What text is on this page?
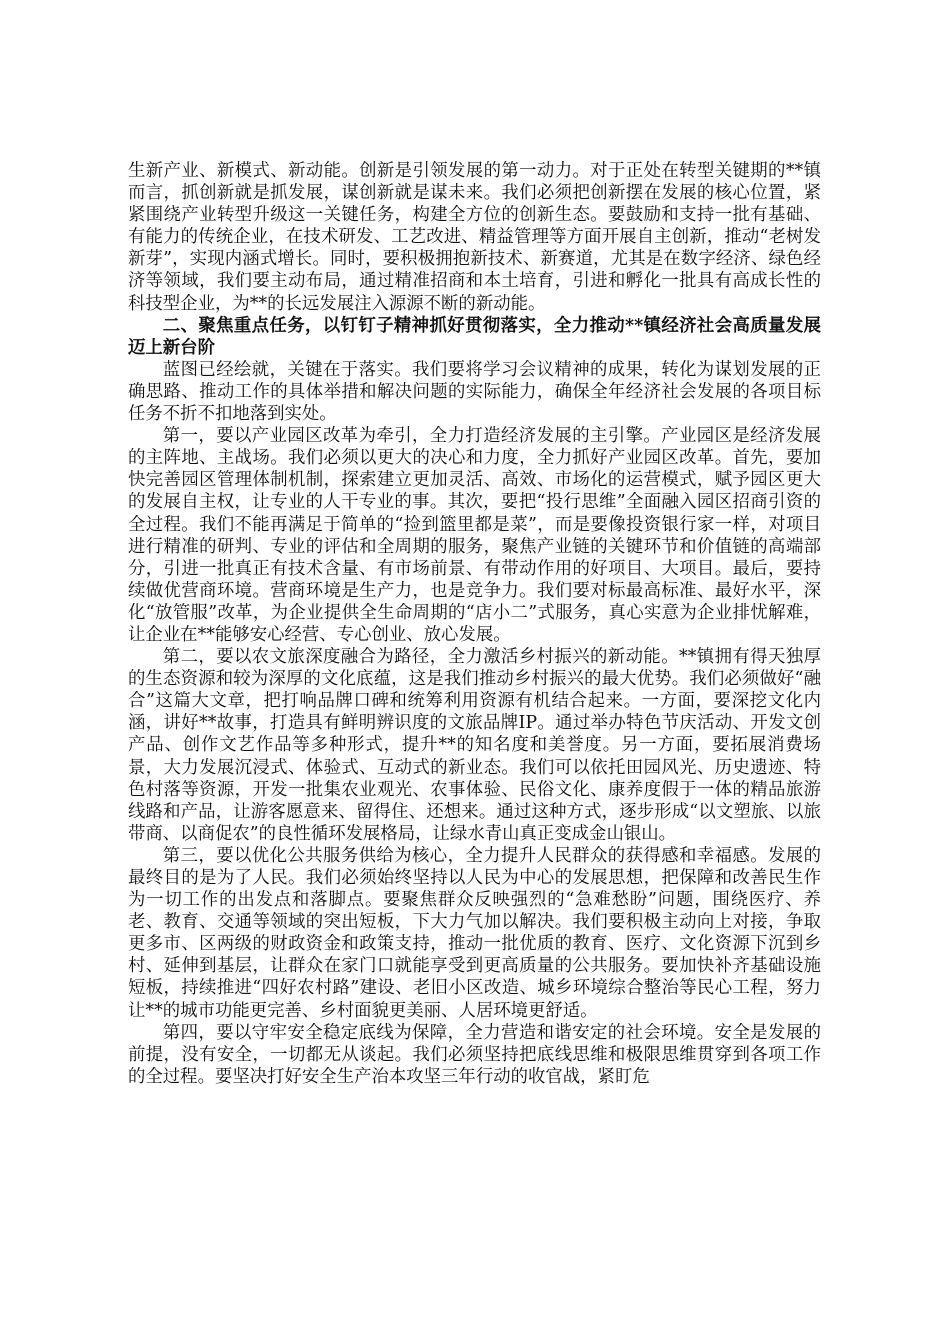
生新产业、新模式、新动能。创新是引领发展的第一动力。对于正处在转型关键期的**镇而言，抓创新就是抓发展，谋创新就是谋未来。我们必须把创新摆在发展的核心位置，紧紧围绕产业转型升级这一关键任务，构建全方位的创新生态。要鼓励和支持一批有基础、有能力的传统企业，在技术研发、工艺改进、精益管理等方面开展自主创新，推动“老树发新芽”，实现内涵式增长。同时，要积极拥抱新技术、新赛道，尤其是在数字经济、绿色经济等领域，我们要主动布局，通过精准招商和本土培育，引进和孵化一批具有高成长性的科技型企业，为**的长远发展注入源源不断的新动能。

二、聚焦重点任务，以钉钉子精神抓好贯彻落实，全力推动**镇经济社会高质量发展迈上新台阶

蓝图已经绘就，关键在于落实。我们要将学习会议精神的成果，转化为谋划发展的正确思路、推动工作的具体举措和解决问题的实际能力，确保全年经济社会发展的各项目标任务不折不扣地落到实处。

第一，要以产业园区改革为牵引，全力打造经济发展的主引擎。产业园区是经济发展的主阵地、主战场。我们必须以更大的决心和力度，全力抓好产业园区改革。首先，要加快完善园区管理体制机制，探索建立更加灵活、高效、市场化的运营模式，赋予园区更大的发展自主权，让专业的人干专业的事。其次，要把“投行思维”全面融入园区招商引资的全过程。我们不能再满足于简单的“捡到篮里都是菜”，而是要像投资银行家一样，对项目进行精准的研判、专业的评估和全周期的服务，聚焦产业链的关键环节和价值链的高端部分，引进一批真正有技术含量、有市场前景、有带动作用的好项目、大项目。最后，要持续做优营商环境。营商环境是生产力，也是竞争力。我们要对标最高标准、最好水平，深化“放管服”改革，为企业提供全生命周期的“店小二”式服务，真心实意为企业排忧解难，让企业在**能够安心经营、专心创业、放心发展。

第二，要以农文旅深度融合为路径，全力激活乡村振兴的新动能。**镇拥有得天独厚的生态资源和较为深厚的文化底蕴，这是我们推动乡村振兴的最大优势。我们必须做好“融合”这篇大文章，把打响品牌口碑和统筹利用资源有机结合起来。一方面，要深挖文化内涵，讲好**故事，打造具有鲜明辨识度的文旅品牌IP。通过举办特色节庆活动、开发文创产品、创作文艺作品等多种形式，提升**的知名度和美誉度。另一方面，要拓展消费场景，大力发展沉浸式、体验式、互动式的新业态。我们可以依托田园风光、历史遗迹、特色村落等资源，开发一批集农业观光、农事体验、民俗文化、康养度假于一体的精品旅游线路和产品，让游客愿意来、留得住、还想来。通过这种方式，逐步形成“以文塑旅、以旅带商、以商促农”的良性循环发展格局，让绿水青山真正变成金山银山。

第三，要以优化公共服务供给为核心，全力提升人民群众的获得感和幸福感。发展的最终目的是为了人民。我们必须始终坚持以人民为中心的发展思想，把保障和改善民生作为一切工作的出发点和落脚点。要聚焦群众反映强烈的“急难愁盼”问题，围绕医疗、养老、教育、交通等领域的突出短板，下大力气加以解决。我们要积极主动向上对接，争取更多市、区两级的财政资金和政策支持，推动一批优质的教育、医疗、文化资源下沉到乡村、延伸到基层，让群众在家门口就能享受到更高质量的公共服务。要加快补齐基础设施短板，持续推进“四好农村路”建设、老旧小区改造、城乡环境综合整治等民心工程，努力让**的城市功能更完善、乡村面貌更美丽、人居环境更舒适。

第四，要以守牢安全稳定底线为保障，全力营造和谐安定的社会环境。安全是发展的前提，没有安全，一切都无从谈起。我们必须坚持把底线思维和极限思维贯穿到各项工作的全过程。要坚决打好安全生产治本攻坚三年行动的收官战，紧盯危
